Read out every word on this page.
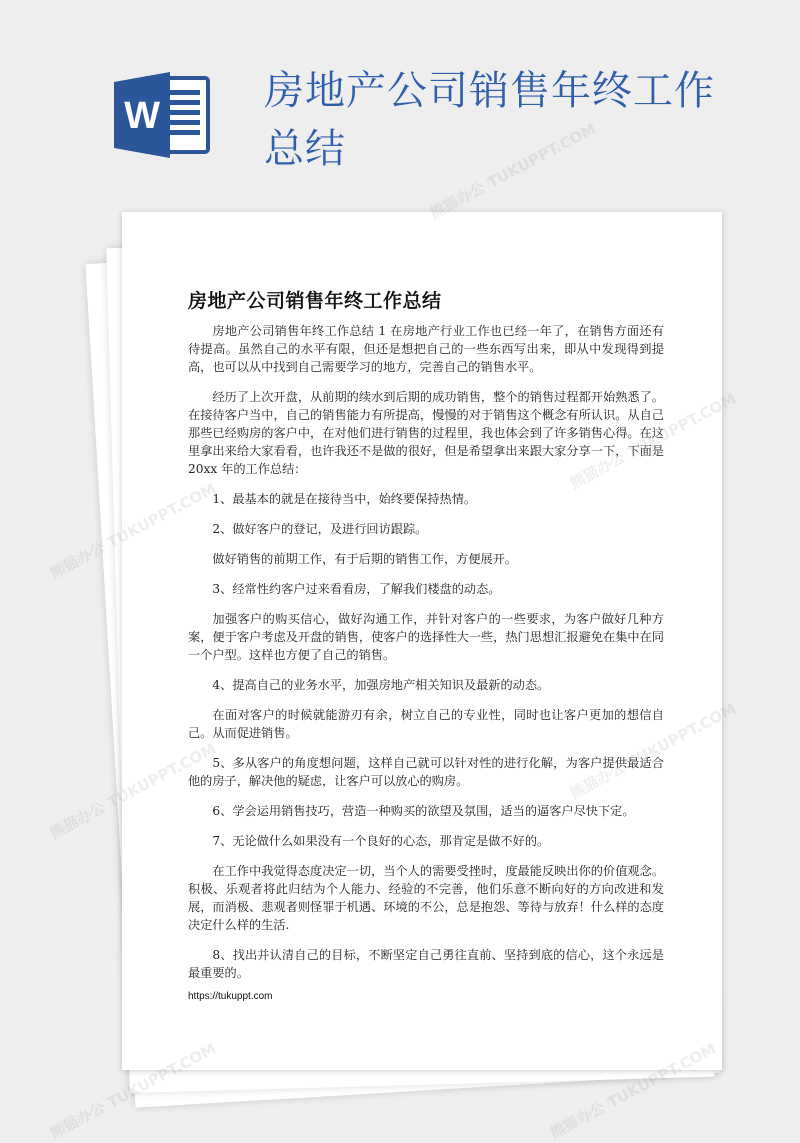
W
房地产公司销售年终工作总结
房地产公司销售年终工作总结

房地产公司销售年终工作总结 1 在房地产行业工作也已经一年了，在销售方面还有待提高。虽然自己的水平有限，但还是想把自己的一些东西写出来，即从中发现得到提高，也可以从中找到自己需要学习的地方，完善自己的销售水平。

经历了上次开盘，从前期的续水到后期的成功销售，整个的销售过程都开始熟悉了。在接待客户当中，自己的销售能力有所提高，慢慢的对于销售这个概念有所认识。从自己那些已经购房的客户中，在对他们进行销售的过程里，我也体会到了许多销售心得。在这里拿出来给大家看看，也许我还不是做的很好，但是希望拿出来跟大家分享一下，下面是 20xx 年的工作总结：

1、最基本的就是在接待当中，始终要保持热情。

2、做好客户的登记，及进行回访跟踪。

做好销售的前期工作，有于后期的销售工作，方便展开。

3、经常性约客户过来看看房，了解我们楼盘的动态。

加强客户的购买信心，做好沟通工作，并针对客户的一些要求，为客户做好几种方案，便于客户考虑及开盘的销售，使客户的选择性大一些，热门思想汇报避免在集中在同一个户型。这样也方便了自己的销售。

4、提高自己的业务水平，加强房地产相关知识及最新的动态。

在面对客户的时候就能游刃有余，树立自己的专业性，同时也让客户更加的想信自己。从而促进销售。

5、多从客户的角度想问题，这样自己就可以针对性的进行化解，为客户提供最适合他的房子，解决他的疑虑，让客户可以放心的购房。

6、学会运用销售技巧，营造一种购买的欲望及氛围，适当的逼客户尽快下定。

7、无论做什么如果没有一个良好的心态，那肯定是做不好的。

在工作中我觉得态度决定一切，当个人的需要受挫时，度最能反映出你的价值观念。积极、乐观者将此归结为个人能力、经验的不完善，他们乐意不断向好的方向改进和发展，而消极、悲观者则怪罪于机遇、环境的不公，总是抱怨、等待与放弃！什么样的态度决定什么样的生活.

8、找出并认清自己的目标，不断坚定自己勇往直前、坚持到底的信心，这个永远是最重要的。

https://tukuppt.com
熊猫办公 TUKUPPT.COM
熊猫办公
熊猫办公
熊猫办公	熊猫办公 TUKUPPT.COM
